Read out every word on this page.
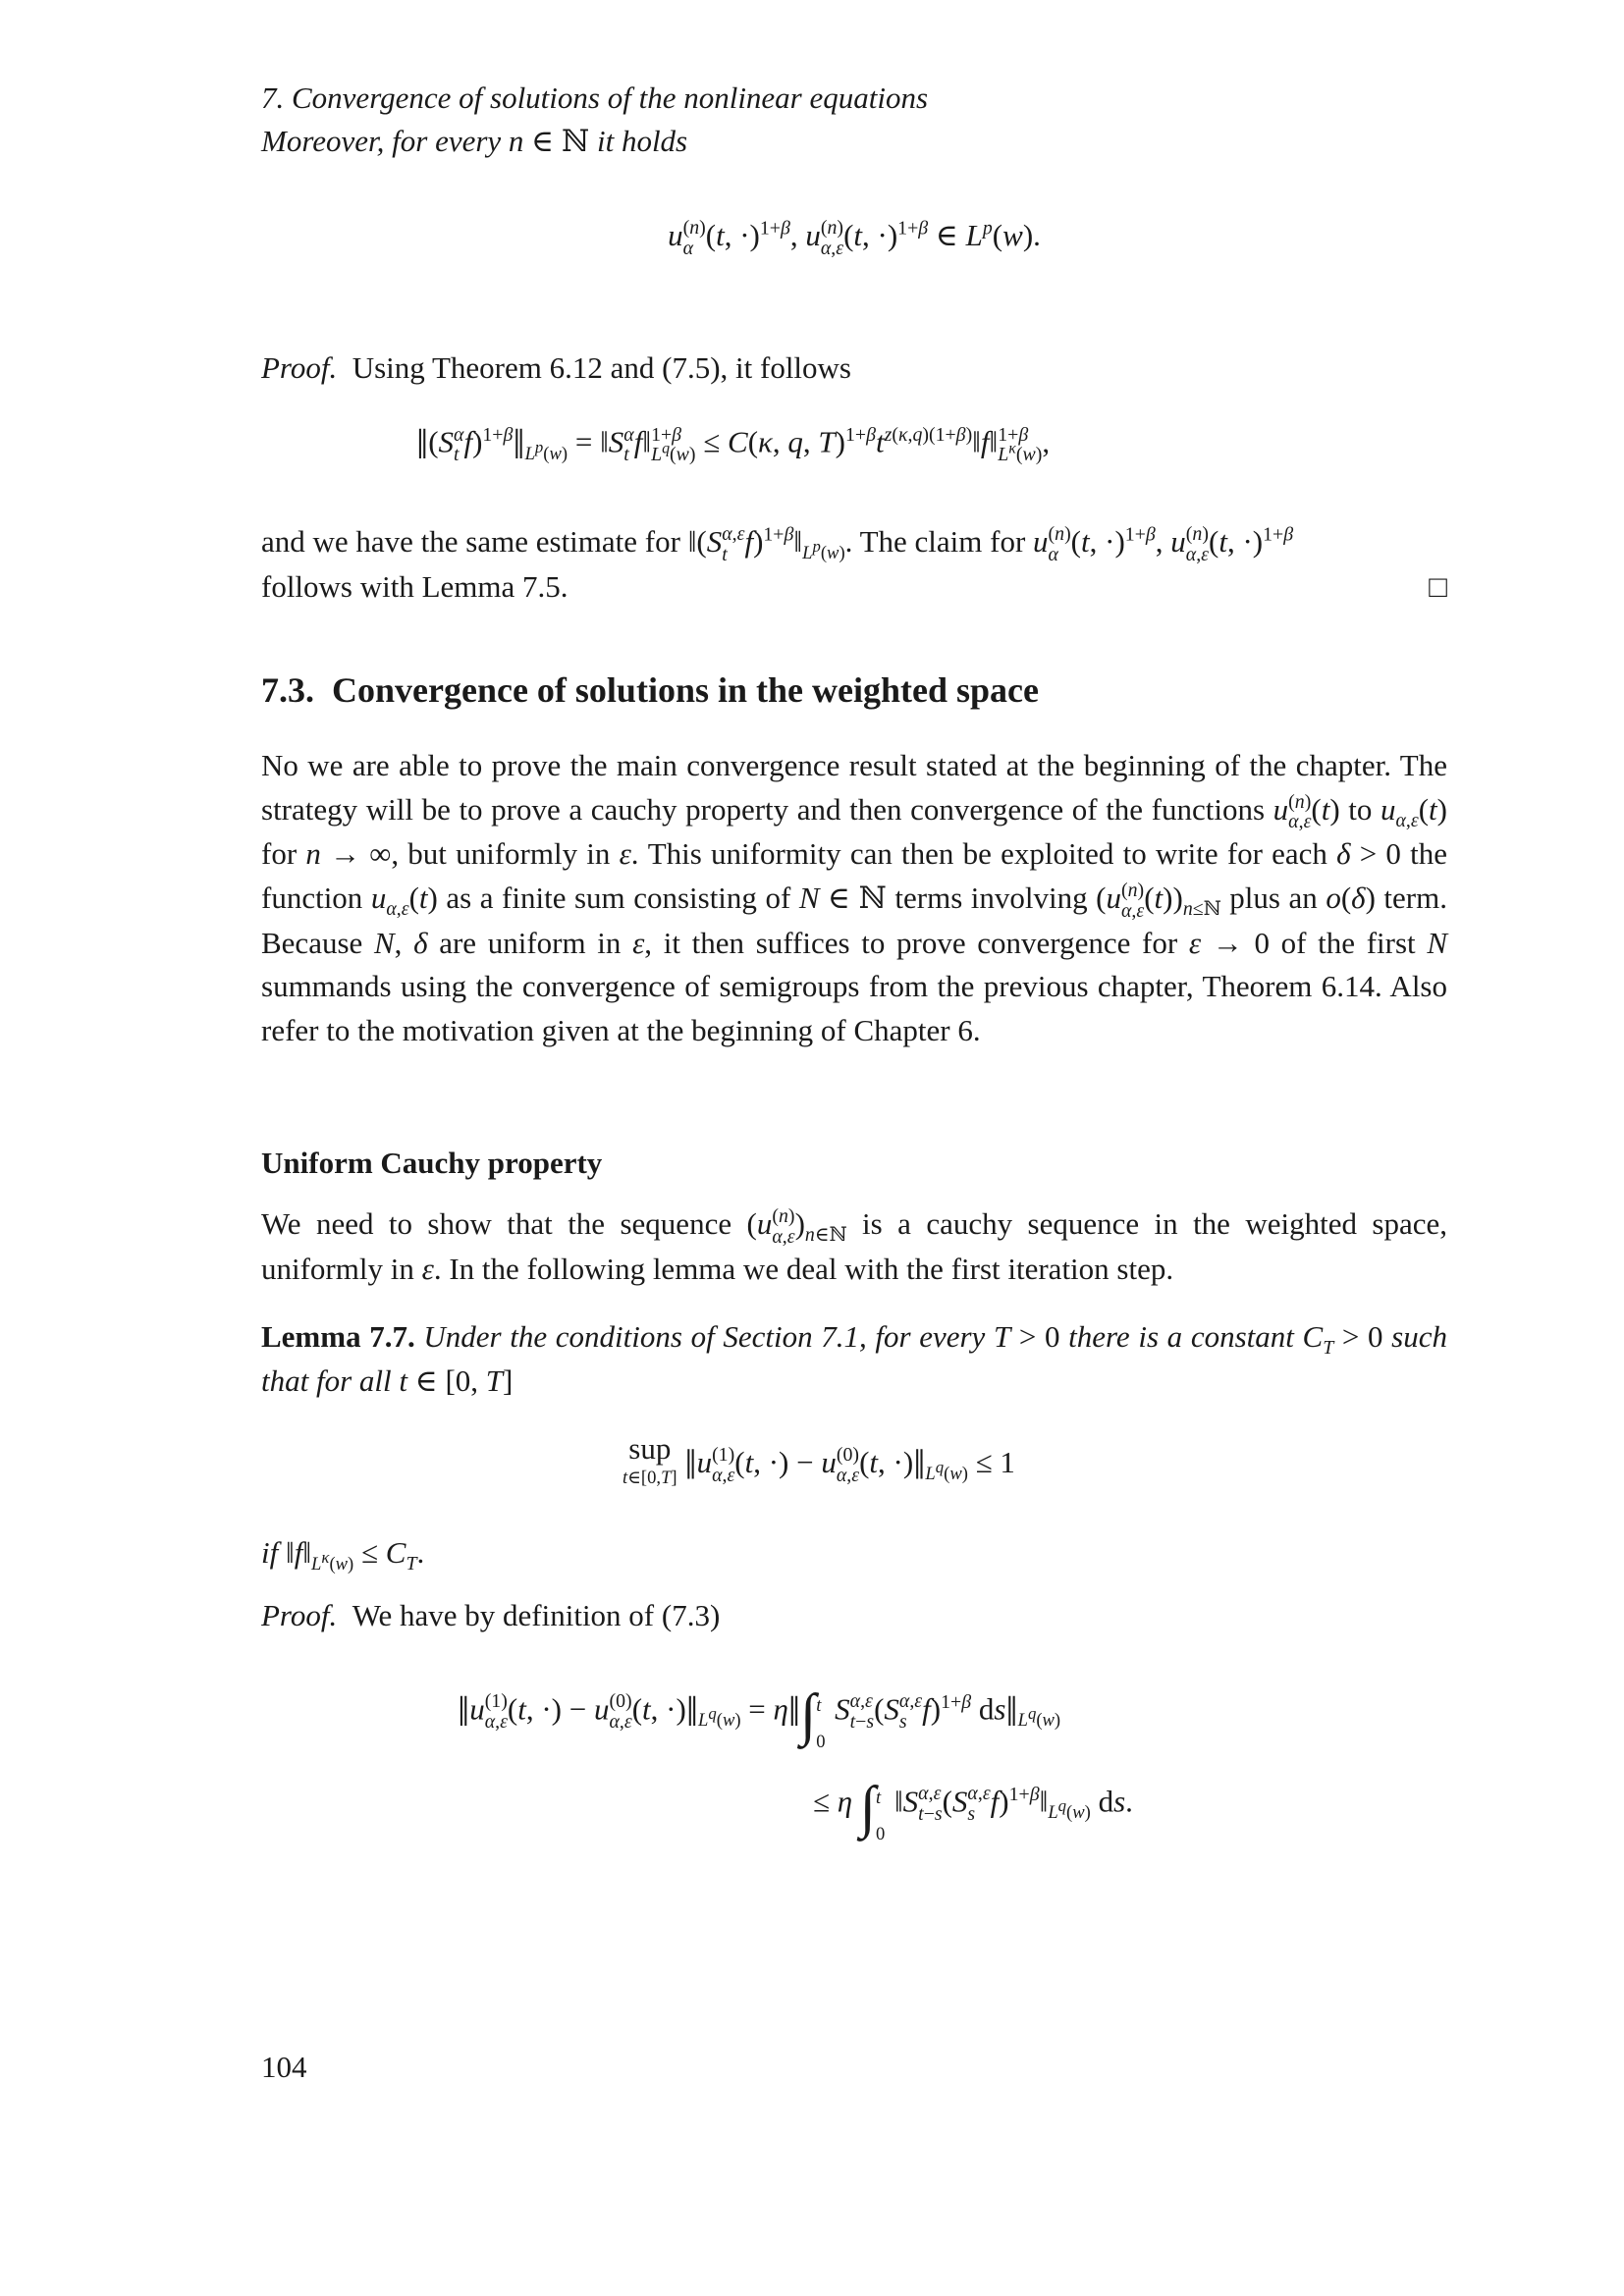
7. Convergence of solutions of the nonlinear equations
Moreover, for every n ∈ ℕ it holds
u (n)
α (t, ·)$^{1+\beta}$, u (n)
α,ε (t, ·)$^{1+\beta}$ ∈ $L^p(w)$.
Proof. Using Theorem 6.12 and (7.5), it follows
‖(S α
t $f)^{1+\beta}‖_{L^p(w)}$ = ‖S α
t f‖ 1+β
$L^q(w) \le C(\kappa$, q, $T)^{1+\beta}t^{z(\kappa,q)(1+\beta)}‖f‖$ 1+β
$L^\kappa(w)$ ,
and we have the same estimate for ‖(S α,ε
t $f)^{1+\beta}‖_{L^p(w)}$. The claim for u (n)
α (t, ·)$^{1+\beta}$, u (n)
α,ε (t, ·)$^{1+\beta}$
follows with Lemma 7.5.	□
7.3. Convergence of solutions in the weighted space
No we are able to prove the main convergence result stated at the beginning of the chapter. The strategy will be to prove a cauchy property and then convergence of the functions u (n)
α,ε (t) to $u_{\alpha,\varepsilon}(t)$ for n → ∞, but uniformly in ε. This uniformity can then be exploited to write for each δ > 0 the function $u_{\alpha,\varepsilon}(t)$ as a finite sum consisting of N ∈ ℕ terms involving (u (n)
α,ε $(t))_{n\le ℕ}$ plus an o(δ) term. Because N, δ are uniform in ε, it then suffices to prove convergence for ε → 0 of the first N summands using the convergence of semigroups from the previous chapter, Theorem 6.14. Also refer to the motivation given at the beginning of Chapter 6.
Uniform Cauchy property
We need to show that the sequence (u (n)
α,ε )$_{n\in ℕ}$ is a cauchy sequence in the weighted space, uniformly in ε. In the following lemma we deal with the first iteration step.
Lemma 7.7. Under the conditions of Section 7.1, for every T > 0 there is a constant $C_T > 0$ such that for all t ∈ [0, T]
sup
t∈[0,T] ‖u (1)
α,ε (t, ·) − u (0)
α,ε (t, $\cdot)‖_{L^q(w)} \le 1$
if $‖f‖_{L^\kappa(w)} \le C_T$.
Proof. We have by definition of (7.3)
‖u (1)
α,ε (t, ·) − u (0)
α,ε (t, $\cdot)‖_{L^q(w)}$ = η‖∫ t
0
S α,ε
t−s (S α,ε
s f)$^{1+\beta}$ $ds‖_{L^q(w)}$
≤ η ∫ t
0
‖S α,ε
t−s (S α,ε
s $f)^{1+\beta}‖_{L^q(w)}$ ds.
104
